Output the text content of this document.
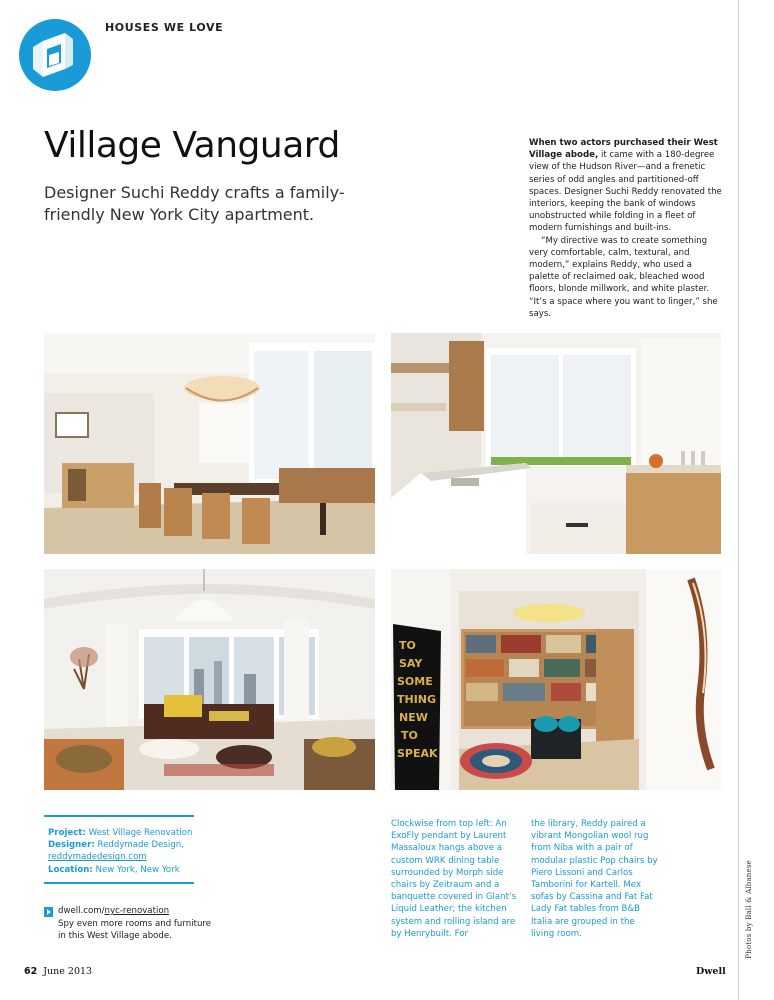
Photos by Ball & Albanese
HOUSES WE LOVE
Village Vanguard
Designer Suchi Reddy crafts a family-friendly New York City apartment.

When two actors purchased their West Village abode, it came with a 180-degree view of the Hudson River—and a frenetic series of odd angles and partitioned-off spaces. Designer Suchi Reddy renovated the interiors, keeping the bank of windows unobstructed while folding in a fleet of modern furnishings and built-ins.

“My directive was to create something very comfortable, calm, textural, and modern,” explains Reddy, who used a palette of reclaimed oak, bleached wood floors, blonde millwork, and white plaster. “It’s a space where you want to linger,” she says.

TO
SAY
SOME
THING
NEW
TO
SPEAK
Project: West Village Renovation
Designer: Reddymade Design,
reddymadedesign.com
Location: New York, New York
dwell.com/nyc-renovation
Spy even more rooms and furniture in this West Village abode.
Clockwise from top left: An ExoFly pendant by Laurent Massaloux hangs above a custom WRK dining table surrounded by Morph side chairs by Zeitraum and a banquette covered in Glant’s Liquid Leather; the kitchen system and rolling island are by Henrybuilt. For
the library, Reddy paired a vibrant Mongolian wool rug from Niba with a pair of modular plastic Pop chairs by Piero Lissoni and Carlos Tamborini for Kartell. Mex sofas by Cassina and Fat Fat Lady Fat tables from B&B Italia are grouped in the living room.
62 June 2013	Dwell
